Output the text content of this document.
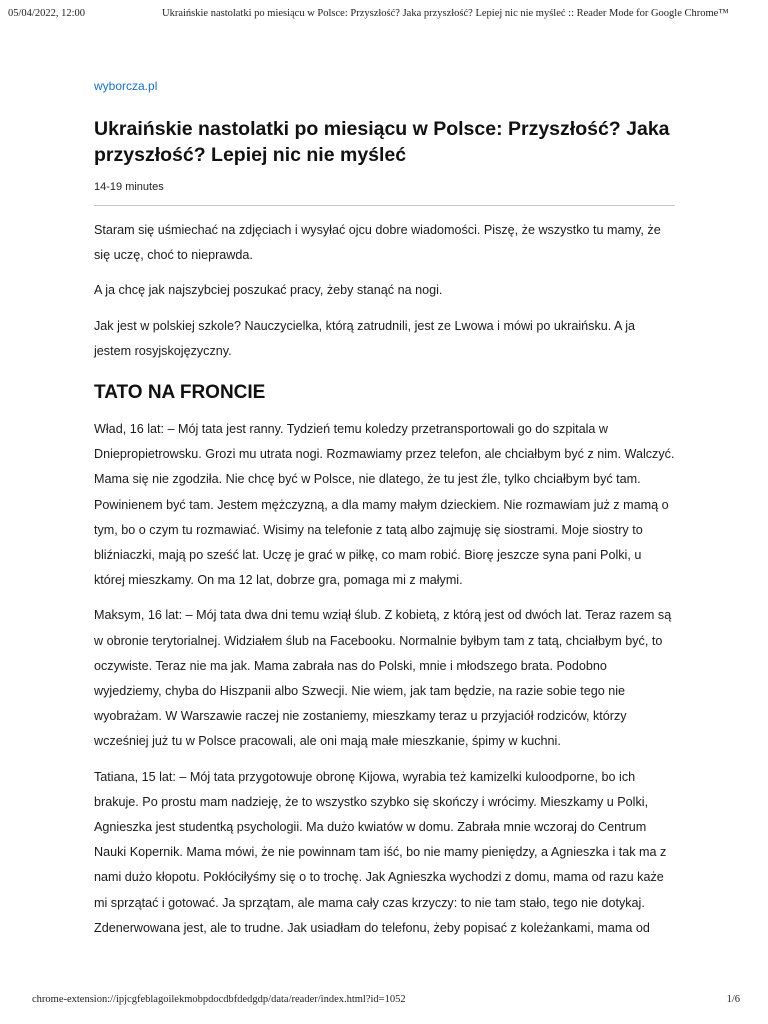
05/04/2022, 12:00	Ukraińskie nastolatki po miesiącu w Polsce: Przyszłość? Jaka przyszłość? Lepiej nic nie myśleć :: Reader Mode for Google Chrome™
wyborcza.pl
Ukraińskie nastolatki po miesiącu w Polsce: Przyszłość? Jaka przyszłość? Lepiej nic nie myśleć
14-19 minutes

Staram się uśmiechać na zdjęciach i wysyłać ojcu dobre wiadomości. Piszę, że wszystko tu mamy, że się uczę, choć to nieprawda.

A ja chcę jak najszybciej poszukać pracy, żeby stanąć na nogi.

Jak jest w polskiej szkole? Nauczycielka, którą zatrudnili, jest ze Lwowa i mówi po ukraińsku. A ja jestem rosyjskojęzyczny.

TATO NA FRONCIE

Wład, 16 lat: – Mój tata jest ranny. Tydzień temu koledzy przetransportowali go do szpitala w Dniepropietrowsku. Grozi mu utrata nogi. Rozmawiamy przez telefon, ale chciałbym być z nim. Walczyć. Mama się nie zgodziła. Nie chcę być w Polsce, nie dlatego, że tu jest źle, tylko chciałbym być tam. Powinienem być tam. Jestem mężczyzną, a dla mamy małym dzieckiem. Nie rozmawiam już z mamą o tym, bo o czym tu rozmawiać. Wisimy na telefonie z tatą albo zajmuję się siostrami. Moje siostry to bliźniaczki, mają po sześć lat. Uczę je grać w piłkę, co mam robić. Biorę jeszcze syna pani Polki, u której mieszkamy. On ma 12 lat, dobrze gra, pomaga mi z małymi.

Maksym, 16 lat: – Mój tata dwa dni temu wziął ślub. Z kobietą, z którą jest od dwóch lat. Teraz razem są w obronie terytorialnej. Widziałem ślub na Facebooku. Normalnie byłbym tam z tatą, chciałbym być, to oczywiste. Teraz nie ma jak. Mama zabrała nas do Polski, mnie i młodszego brata. Podobno wyjedziemy, chyba do Hiszpanii albo Szwecji. Nie wiem, jak tam będzie, na razie sobie tego nie wyobrażam. W Warszawie raczej nie zostaniemy, mieszkamy teraz u przyjaciół rodziców, którzy wcześniej już tu w Polsce pracowali, ale oni mają małe mieszkanie, śpimy w kuchni.

Tatiana, 15 lat: – Mój tata przygotowuje obronę Kijowa, wyrabia też kamizelki kuloodporne, bo ich brakuje. Po prostu mam nadzieję, że to wszystko szybko się skończy i wrócimy. Mieszkamy u Polki, Agnieszka jest studentką psychologii. Ma dużo kwiatów w domu. Zabrała mnie wczoraj do Centrum Nauki Kopernik. Mama mówi, że nie powinnam tam iść, bo nie mamy pieniędzy, a Agnieszka i tak ma z nami dużo kłopotu. Pokłóciłyśmy się o to trochę. Jak Agnieszka wychodzi z domu, mama od razu każe mi sprzątać i gotować. Ja sprzątam, ale mama cały czas krzyczy: to nie tam stało, tego nie dotykaj. Zdenerwowana jest, ale to trudne. Jak usiadłam do telefonu, żeby popisać z koleżankami, mama od

chrome-extension://ipjcgfeblagoilekmobpdocdbfdedgdp/data/reader/index.html?id=1052	1/6
